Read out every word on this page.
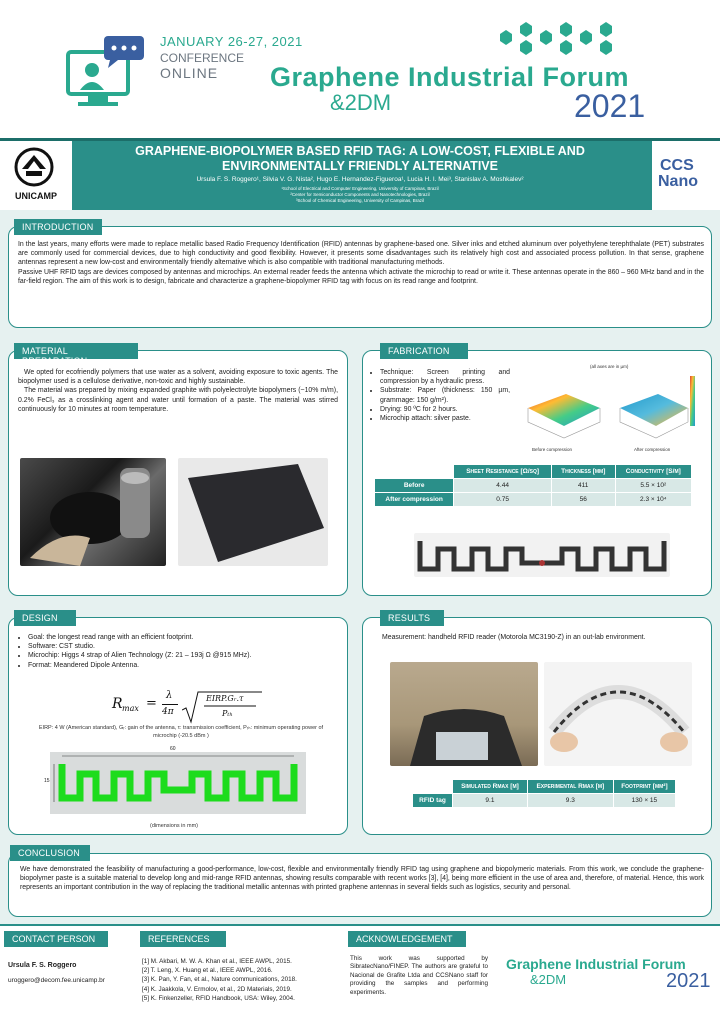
JANUARY 26-27, 2021
CONFERENCE
ONLINE Graphene Industrial Forum
&2DM	2021
UNICAMP
GRAPHENE-BIOPOLYMER BASED RFID TAG: A LOW-COST, FLEXIBLE AND
ENVIRONMENTALLY FRIENDLY ALTERNATIVE
Ursula F. S. Roggero¹, Silvia V. G. Nista², Hugo E. Hernandez-Figueroa¹, Lucia H. I. Mei³, Stanislav A. Moshkalev²
¹School of Electrical and Computer Engineering, University of Campinas, Brazil
²Center for Semiconductor Components and Nanotechnologies, Brazil
³School of Chemical Engineering, University of Campinas, Brazil
CCS
Nano
INTRODUCTION

In the last years, many efforts were made to replace metallic based Radio Frequency Identification (RFID) antennas by graphene-based one. Silver inks and etched aluminum over polyethylene terephthalate (PET) substrates are commonly used for commercial devices, due to high conductivity and good flexibility. However, it presents some disadvantages such its relatively high cost and associated process pollution. In that sense, graphene antennas represent a new low-cost and environmentally friendly alternative which is also compatible with traditional manufacturing methods.

Passive UHF RFID tags are devices composed by antennas and microchips. An external reader feeds the antenna which activate the microchip to read or write it. These antennas operate in the 860 – 960 MHz band and in the far-field region. The aim of this work is to design, fabricate and characterize a graphene-biopolymer RFID tag with focus on its read range and footprint.

MATERIAL PREPARATION

We opted for ecofriendly polymers that use water as a solvent, avoiding exposure to toxic agents. The biopolymer used is a cellulose derivative, non-toxic and highly sustainable.

The material was prepared by mixing expanded graphite with polyelectrolyte biopolymers (~10% m/m), 0.2% FeCl₃ as a crosslinking agent and water until formation of a paste. The material was stirred continuously for 10 minutes at room temperature.

FABRICATION
• Technique: Screen printing and compression by a hydraulic press.
• Substrate: Paper (thickness: 150 µm, grammage: 150 g/m²).
• Drying: 90 ºC for 2 hours.
• Microchip attach: silver paste.
(all axes are in µm)
Before compression	After compression
	Sheet Resistance [Ω/sq]	Thickness [µm]	Conductivity [S/m]
Before	4.44	411	5.5 × 10²
After compression	0.75	56	2.3 × 10⁴
DESIGN
• Goal: the longest read range with an efficient footprint.
• Software: CST studio.
• Microchip: Higgs 4 strap of Alien Technology (Z: 21 – 193j Ω @915 MHz).
• Format: Meandered Dipole Antenna.
R max =
λ
4π
EIRP.Gᵣ.τ
Pₜₕ
EIRP: 4 W (American standard), Gᵣ: gain of the antenna, τ: transmission coefficient, Pₜₕ: minimum operating power of microchip (-20.5 dBm )
60
15
(dimensions in mm)
RESULTS
Measurement: handheld RFID reader (Motorola MC3190-Z) in an out-lab environment.
	Simulated Rmax [m]	Experimental Rmax [m]	Footprint [mm²]
RFID tag	9.1	9.3	130 × 15
CONCLUSION
We have demonstrated the feasibility of manufacturing a good-performance, low-cost, flexible and environmentally friendly RFID tag using graphene and biopolymeric materials. From this work, we conclude the graphene-biopolymer paste is a suitable material to develop long and mid-range RFID antennas, showing results comparable with recent works [3], [4], being more efficient in the use of area and, therefore, of material. Hence, this work represents an important contribution in the way of replacing the traditional metallic antennas with printed graphene antennas in several fields such as logistics, security and personal.
CONTACT PERSON
Ursula F. S. Roggero
uroggero@decom.fee.unicamp.br
REFERENCES
[1] M. Akbari, M. W. A. Khan et al., IEEE AWPL, 2015.
[2] T. Leng, X. Huang et al., IEEE AWPL, 2016.
[3] K. Pan, Y. Fan, et al., Nature communications, 2018.
[4] K. Jaakkola, V. Ermolov, et al., 2D Materials, 2019.
[5] K. Finkenzeller, RFID Handbook, USA: Wiley, 2004.
ACKNOWLEDGEMENT
This work was supported by SibratecNano/FINEP. The authors are grateful to Nacional de Grafite Ltda and CCSNano staff for providing the samples and performing experiments.
Graphene Industrial Forum
&2DM	2021
